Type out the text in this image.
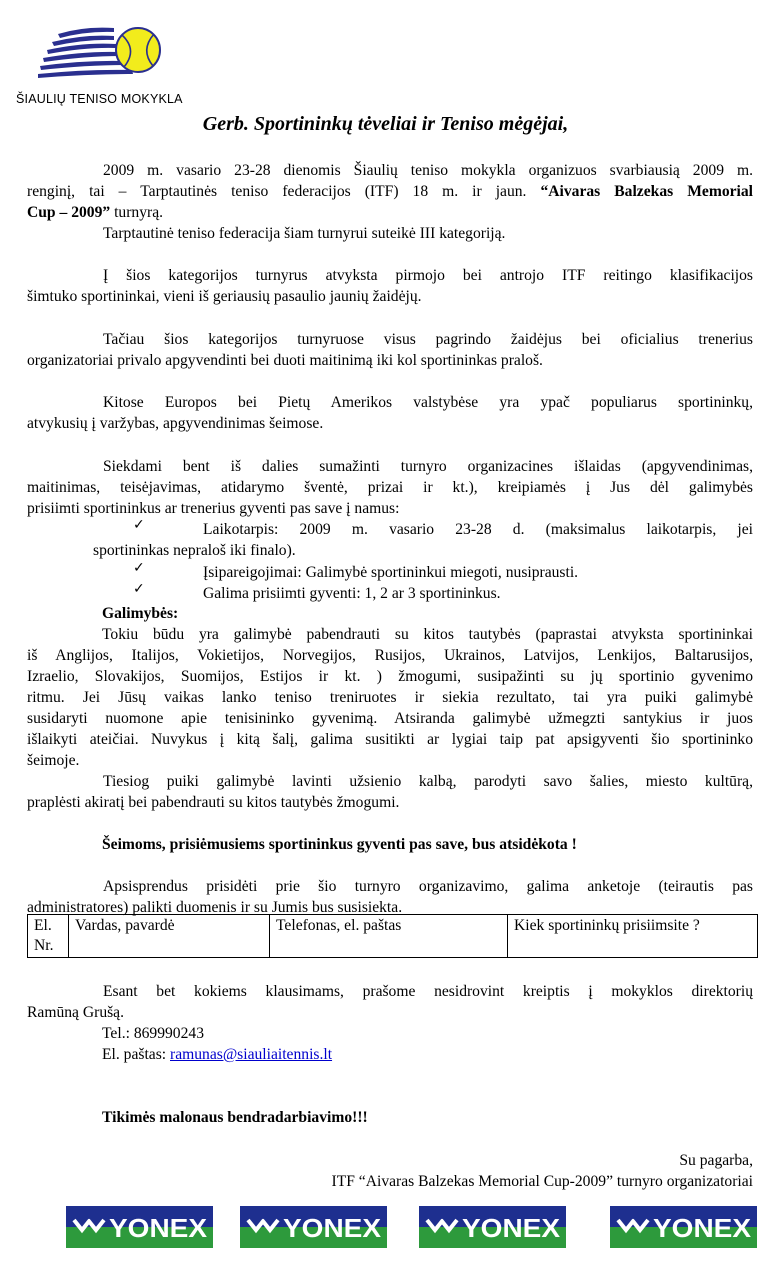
ŠIAULIŲ TENISO MOKYKLA
Gerb. Sportininkų tėveliai ir Teniso mėgėjai,
2009 m. vasario 23-28 dienomis Šiaulių teniso mokykla organizuos svarbiausią 2009 m.
renginį, tai – Tarptautinės teniso federacijos (ITF) 18 m. ir jaun. “Aivaras Balzekas Memorial
Cup – 2009” turnyrą.
Tarptautinė teniso federacija šiam turnyrui suteikė III kategoriją.
Į šios kategorijos turnyrus atvyksta pirmojo bei antrojo ITF reitingo klasifikacijos
šimtuko sportininkai, vieni iš geriausių pasaulio jaunių žaidėjų.
Tačiau šios kategorijos turnyruose visus pagrindo žaidėjus bei oficialius trenerius
organizatoriai privalo apgyvendinti bei duoti maitinimą iki kol sportininkas praloš.
Kitose Europos bei Pietų Amerikos valstybėse yra ypač populiarus sportininkų,
atvykusių į varžybas, apgyvendinimas šeimose.
Siekdami bent iš dalies sumažinti turnyro organizacines išlaidas (apgyvendinimas,
maitinimas, teisėjavimas, atidarymo šventė, prizai ir kt.), kreipiamės į Jus dėl galimybės
prisiimti sportininkus ar trenerius gyventi pas save į namus:
✓	Laikotarpis: 2009 m. vasario 23-28 d. (maksimalus laikotarpis, jei
sportininkas nepraloš iki finalo).
✓	Įsipareigojimai: Galimybė sportininkui miegoti, nusiprausti.
✓	Galima prisiimti gyventi: 1, 2 ar 3 sportininkus.
Galimybės:
Tokiu būdu yra galimybė pabendrauti su kitos tautybės (paprastai atvyksta sportininkai
iš Anglijos, Italijos, Vokietijos, Norvegijos, Rusijos, Ukrainos, Latvijos, Lenkijos, Baltarusijos,
Izraelio, Slovakijos, Suomijos, Estijos ir kt. ) žmogumi, susipažinti su jų sportinio gyvenimo
ritmu. Jei Jūsų vaikas lanko teniso treniruotes ir siekia rezultato, tai yra puiki galimybė
susidaryti nuomone apie tenisininko gyvenimą. Atsiranda galimybė užmegzti santykius ir juos
išlaikyti ateičiai. Nuvykus į kitą šalį, galima susitikti ar lygiai taip pat apsigyventi šio sportininko
šeimoje.
Tiesiog puiki galimybė lavinti užsienio kalbą, parodyti savo šalies, miesto kultūrą,
praplėsti akiratį bei pabendrauti su kitos tautybės žmogumi.
Šeimoms, prisiėmusiems sportininkus gyventi pas save, bus atsidėkota !
Apsisprendus prisidėti prie šio turnyro organizavimo, galima anketoje (teirautis pas
administratores) palikti duomenis ir su Jumis bus susisiekta.
El. Nr.	Vardas, pavardė	Telefonas, el. paštas	Kiek sportininkų prisiimsite ?
Esant bet kokiems klausimams, prašome nesidrovint kreiptis į mokyklos direktorių
Ramūną Grušą.
Tel.: 869990243
El. paštas: ramunas@siauliaitennis.lt
Tikimės malonaus bendradarbiavimo!!!
Su pagarba,
ITF “Aivaras Balzekas Memorial Cup-2009” turnyro organizatoriai
YONEX	YONEX	YONEX	YONEX
